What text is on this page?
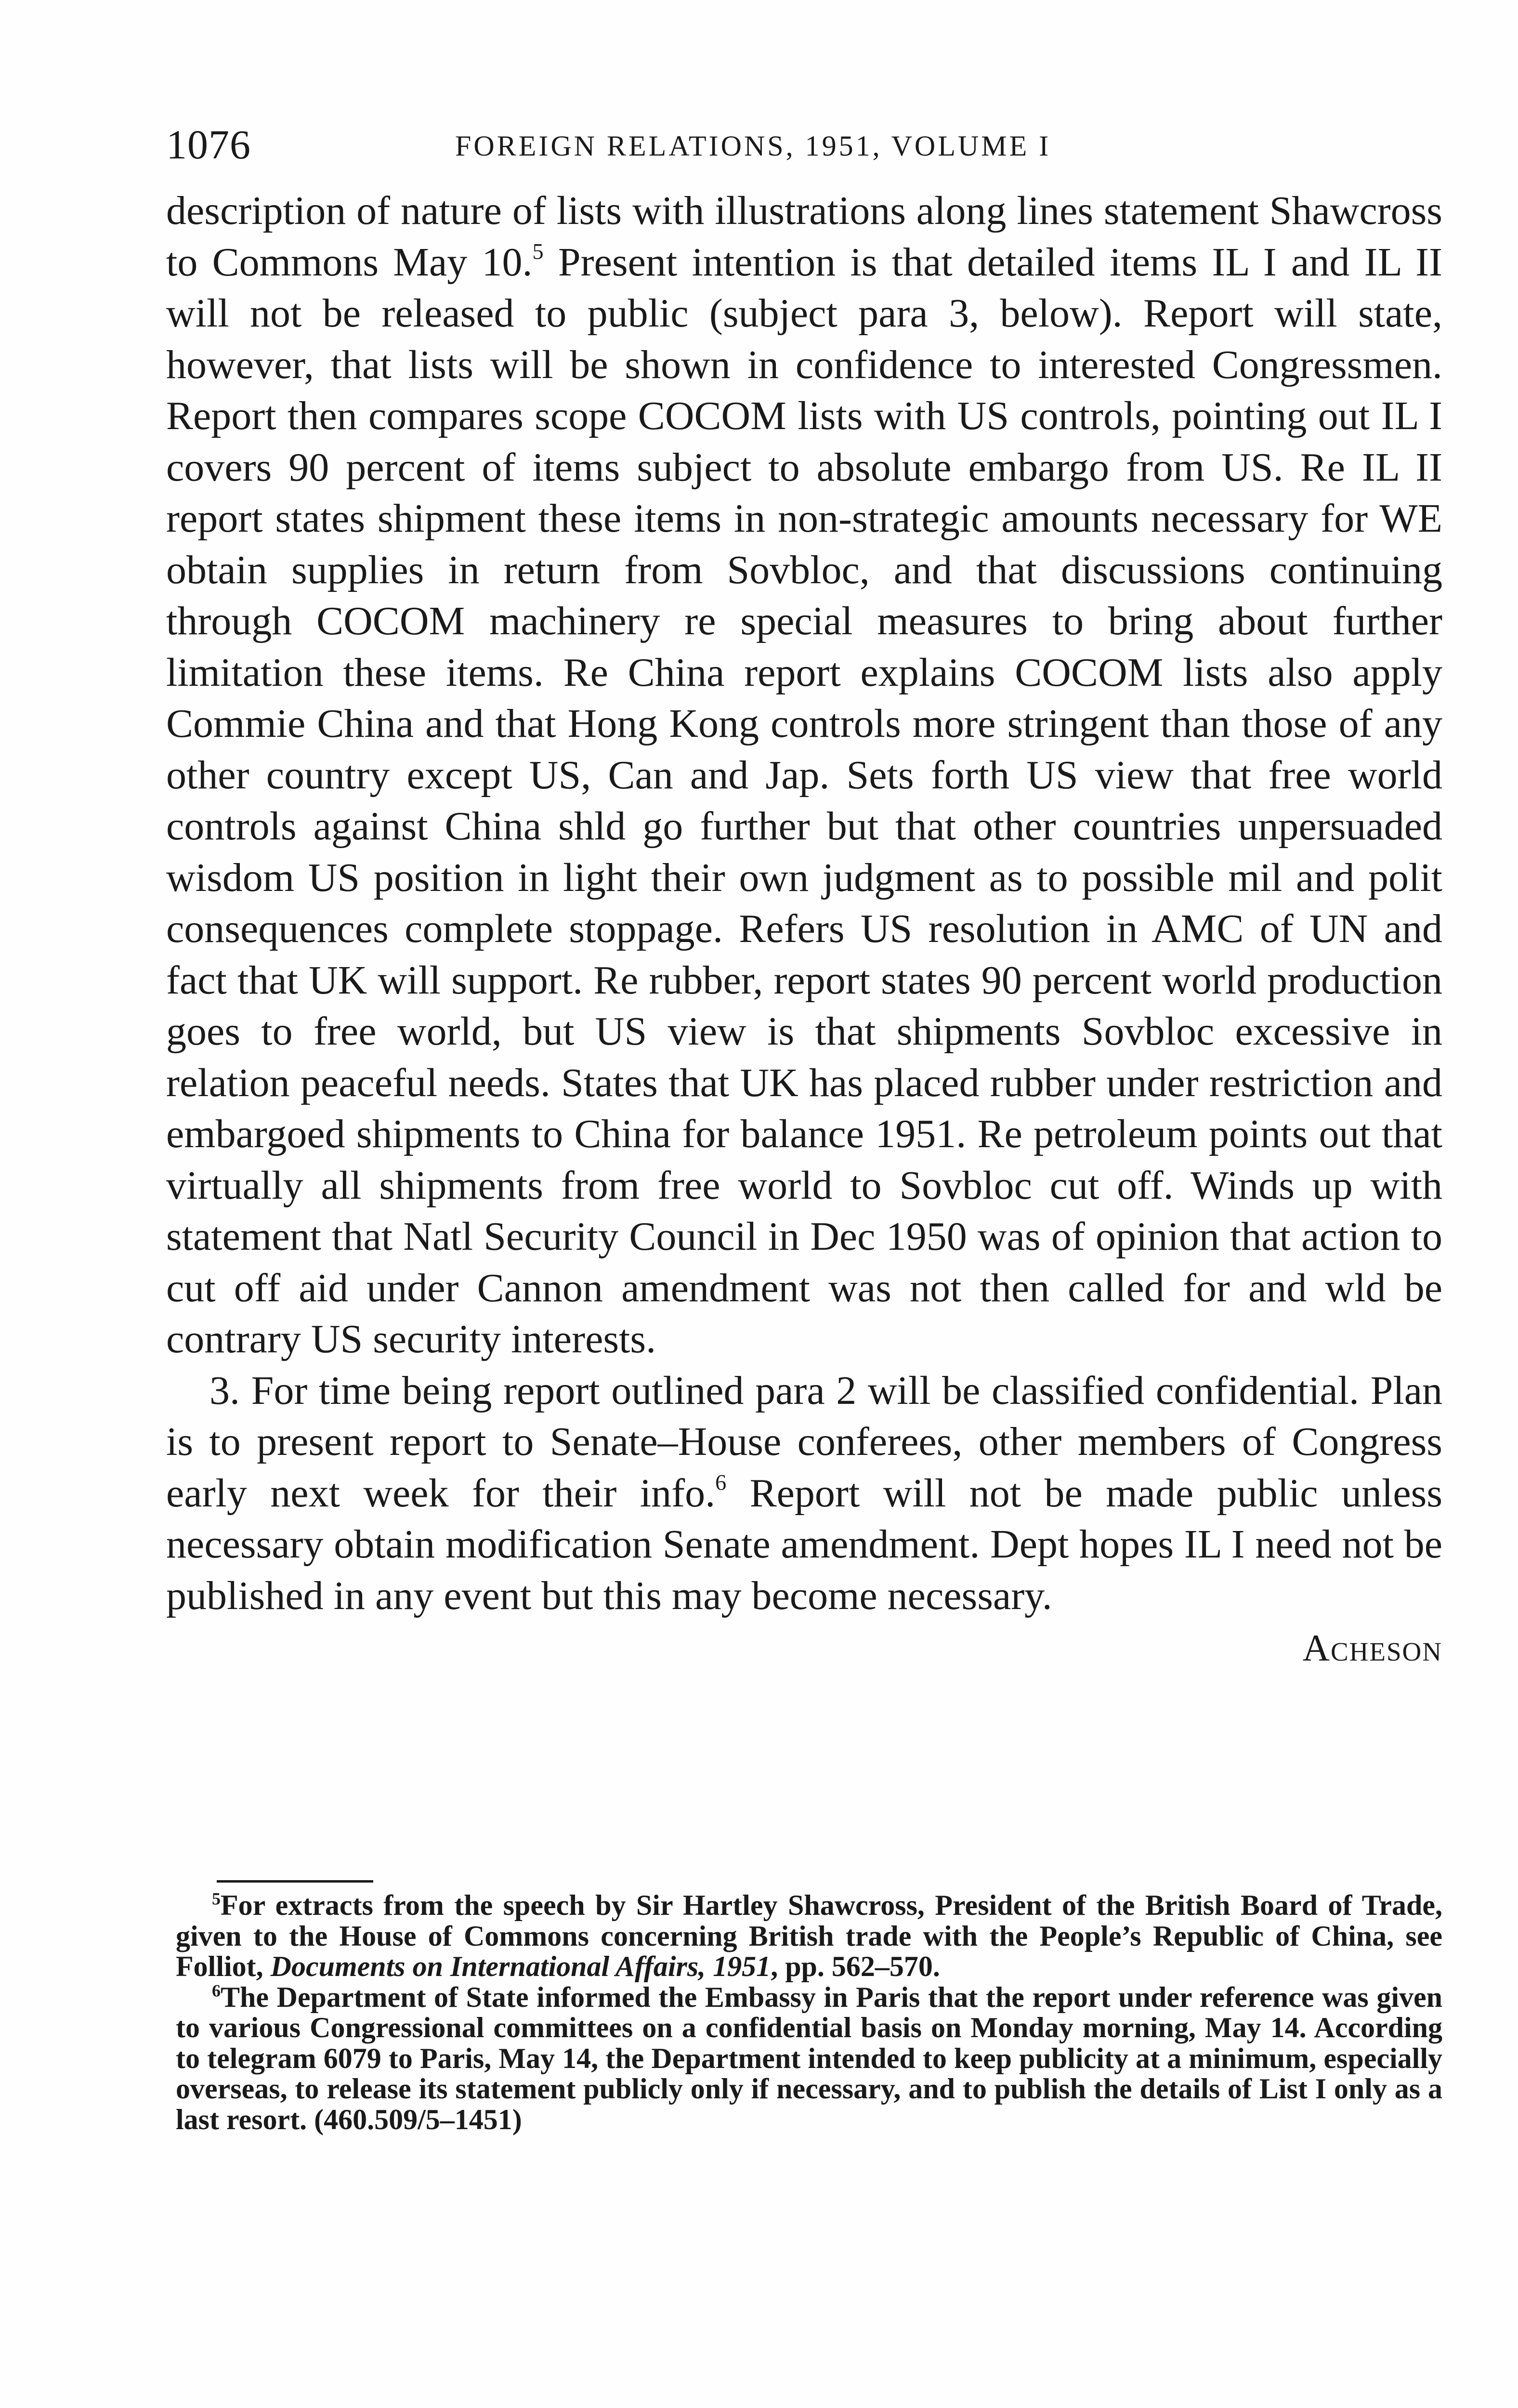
1076	FOREIGN RELATIONS, 1951, VOLUME I

description of nature of lists with illustrations along lines statement Shawcross to Commons May 10.$^5$ Present intention is that detailed items IL I and IL II will not be released to public (subject para 3, below). Report will state, however, that lists will be shown in confidence to interested Congressmen. Report then compares scope COCOM lists with US controls, pointing out IL I covers 90 percent of items subject to absolute embargo from US. Re IL II report states shipment these items in non-strategic amounts necessary for WE obtain supplies in return from Sovbloc, and that discussions continuing through COCOM machinery re special measures to bring about further limitation these items. Re China report explains COCOM lists also apply Commie China and that Hong Kong controls more stringent than those of any other country except US, Can and Jap. Sets forth US view that free world controls against China shld go further but that other countries unpersuaded wisdom US position in light their own judgment as to possible mil and polit consequences complete stoppage. Refers US resolution in AMC of UN and fact that UK will support. Re rubber, report states 90 percent world production goes to free world, but US view is that shipments Sovbloc excessive in relation peaceful needs. States that UK has placed rubber under restriction and embargoed shipments to China for balance 1951. Re petroleum points out that virtually all shipments from free world to Sovbloc cut off. Winds up with statement that Natl Security Council in Dec 1950 was of opinion that action to cut off aid under Cannon amendment was not then called for and wld be contrary US security interests.

3. For time being report outlined para 2 will be classified confidential. Plan is to present report to Senate–House conferees, other members of Congress early next week for their info.$^6$ Report will not be made public unless necessary obtain modification Senate amendment. Dept hopes IL I need not be published in any event but this may become necessary.

Acheson

$^5$For extracts from the speech by Sir Hartley Shawcross, President of the British Board of Trade, given to the House of Commons concerning British trade with the People’s Republic of China, see Folliot, Documents on International Affairs, 1951, pp. 562–570.

$^6$The Department of State informed the Embassy in Paris that the report under reference was given to various Congressional committees on a confidential basis on Monday morning, May 14. According to telegram 6079 to Paris, May 14, the Department intended to keep publicity at a minimum, especially overseas, to release its statement publicly only if necessary, and to publish the details of List I only as a last resort. (460.509/5–1451)
